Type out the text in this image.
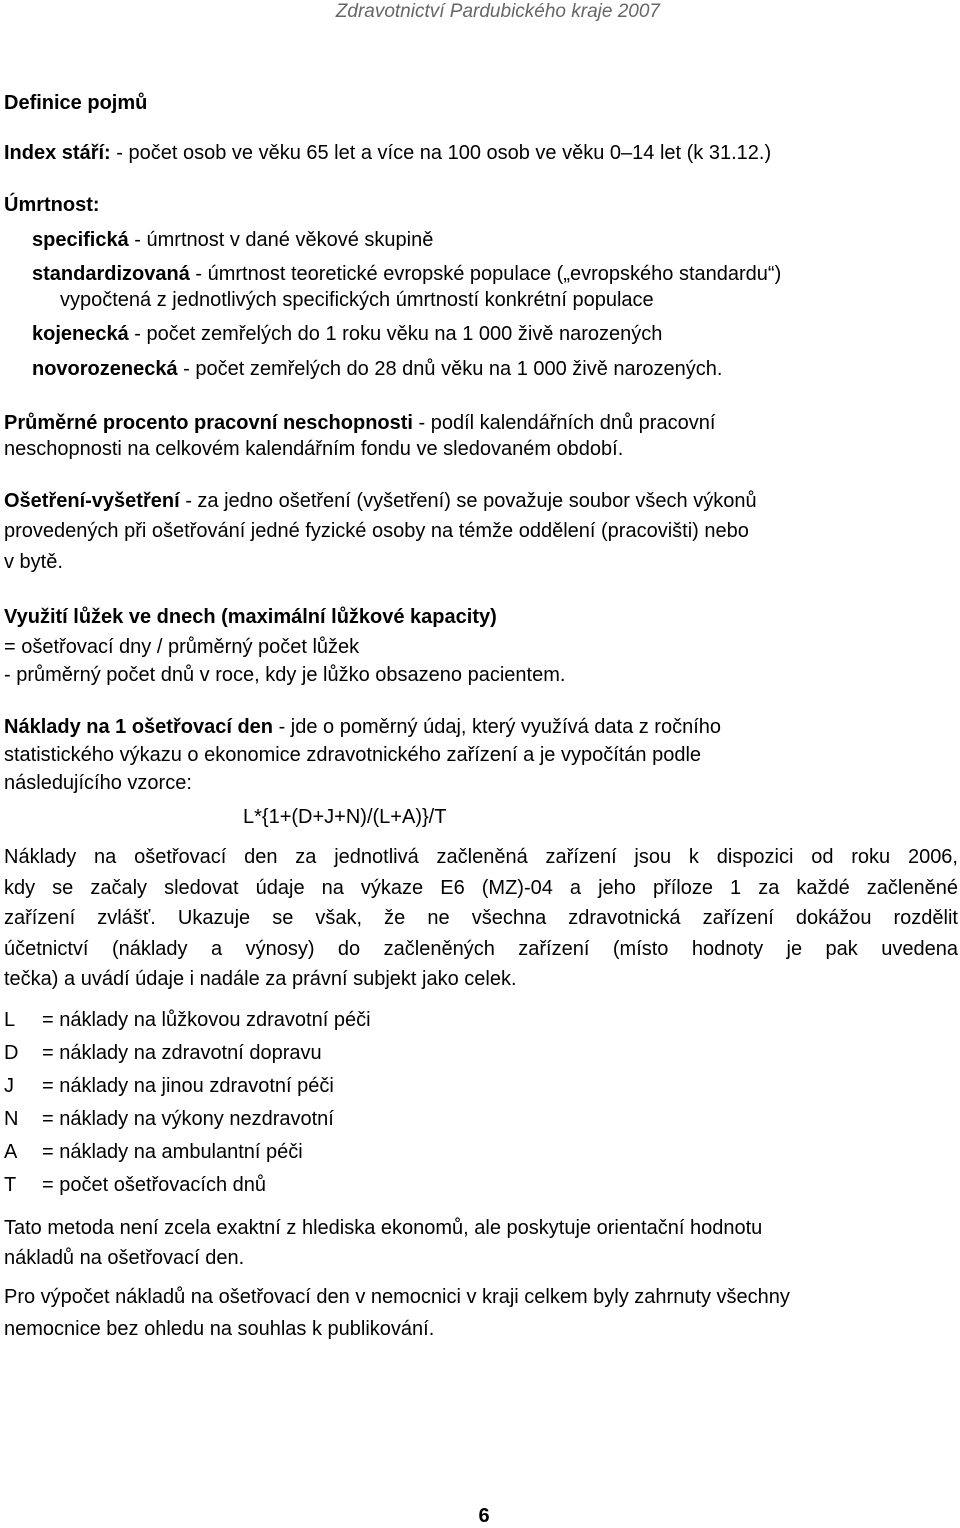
Zdravotnictví Pardubického kraje 2007
Definice pojmů
Index stáří: - počet osob ve věku 65 let a více na 100 osob ve věku 0–14 let (k 31.12.)
Úmrtnost:
specifická - úmrtnost v dané věkové skupině
standardizovaná - úmrtnost teoretické evropské populace („evropského standardu“)
vypočtená z jednotlivých specifických úmrtností konkrétní populace
kojenecká - počet zemřelých do 1 roku věku na 1 000 živě narozených
novorozenecká - počet zemřelých do 28 dnů věku na 1 000 živě narozených.
Průměrné procento pracovní neschopnosti - podíl kalendářních dnů pracovní
neschopnosti na celkovém kalendářním fondu ve sledovaném období.
Ošetření-vyšetření - za jedno ošetření (vyšetření) se považuje soubor všech výkonů
provedených při ošetřování jedné fyzické osoby na témže oddělení (pracovišti) nebo
v bytě.
Využití lůžek ve dnech (maximální lůžkové kapacity)
= ošetřovací dny / průměrný počet lůžek
- průměrný počet dnů v roce, kdy je lůžko obsazeno pacientem.
Náklady na 1 ošetřovací den - jde o poměrný údaj, který využívá data z ročního
statistického výkazu o ekonomice zdravotnického zařízení a je vypočítán podle
následujícího vzorce:
L*{1+(D+J+N)/(L+A)}/T
Náklady na ošetřovací den za jednotlivá začleněná zařízení jsou k dispozici od roku 2006,
kdy se začaly sledovat údaje na výkaze E6 (MZ)-04 a jeho příloze 1 za každé začleněné
zařízení zvlášť. Ukazuje se však, že ne všechna zdravotnická zařízení dokážou rozdělit
účetnictví (náklady a výnosy) do začleněných zařízení (místo hodnoty je pak uvedena
tečka) a uvádí údaje i nadále za právní subjekt jako celek.
L	= náklady na lůžkovou zdravotní péči
D	= náklady na zdravotní dopravu
J	= náklady na jinou zdravotní péči
N	= náklady na výkony nezdravotní
A	= náklady na ambulantní péči
T	= počet ošetřovacích dnů
Tato metoda není zcela exaktní z hlediska ekonomů, ale poskytuje orientační hodnotu
nákladů na ošetřovací den.
Pro výpočet nákladů na ošetřovací den v nemocnici v kraji celkem byly zahrnuty všechny
nemocnice bez ohledu na souhlas k publikování.
6
